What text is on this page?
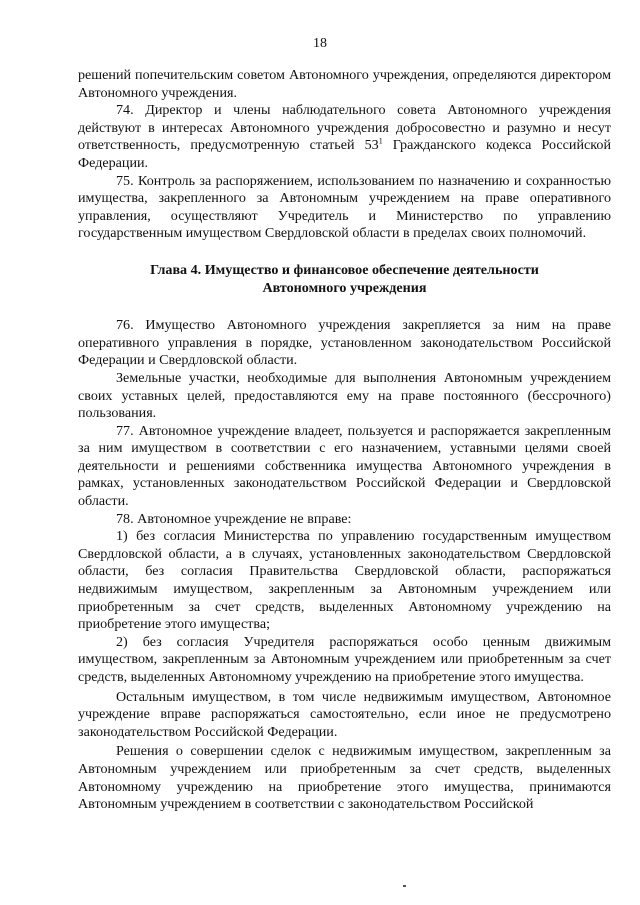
18

решений попечительским советом Автономного учреждения, определяются директором Автономного учреждения.

74. Директор и члены наблюдательного совета Автономного учреждения действуют в интересах Автономного учреждения добросовестно и разумно и несут ответственность, предусмотренную статьей $53^1$ Гражданского кодекса Российской Федерации.

75. Контроль за распоряжением, использованием по назначению и сохранностью имущества, закрепленного за Автономным учреждением на праве оперативного управления, осуществляют Учредитель и Министерство по управлению государственным имуществом Свердловской области в пределах своих полномочий.

Глава 4. Имущество и финансовое обеспечение деятельности
Автономного учреждения

76. Имущество Автономного учреждения закрепляется за ним на праве оперативного управления в порядке, установленном законодательством Российской Федерации и Свердловской области.

Земельные участки, необходимые для выполнения Автономным учреждением своих уставных целей, предоставляются ему на праве постоянного (бессрочного) пользования.

77. Автономное учреждение владеет, пользуется и распоряжается закрепленным за ним имуществом в соответствии с его назначением, уставными целями своей деятельности и решениями собственника имущества Автономного учреждения в рамках, установленных законодательством Российской Федерации и Свердловской области.

78. Автономное учреждение не вправе:

1) без согласия Министерства по управлению государственным имуществом Свердловской области, а в случаях, установленных законодательством Свердловской области, без согласия Правительства Свердловской области, распоряжаться недвижимым имуществом, закрепленным за Автономным учреждением или приобретенным за счет средств, выделенных Автономному учреждению на приобретение этого имущества;

2) без согласия Учредителя распоряжаться особо ценным движимым имуществом, закрепленным за Автономным учреждением или приобретенным за счет средств, выделенных Автономному учреждению на приобретение этого имущества.

Остальным имуществом, в том числе недвижимым имуществом, Автономное учреждение вправе распоряжаться самостоятельно, если иное не предусмотрено законодательством Российской Федерации.

Решения о совершении сделок с недвижимым имуществом, закрепленным за Автономным учреждением или приобретенным за счет средств, выделенных Автономному учреждению на приобретение этого имущества, принимаются Автономным учреждением в соответствии с законодательством Российской
